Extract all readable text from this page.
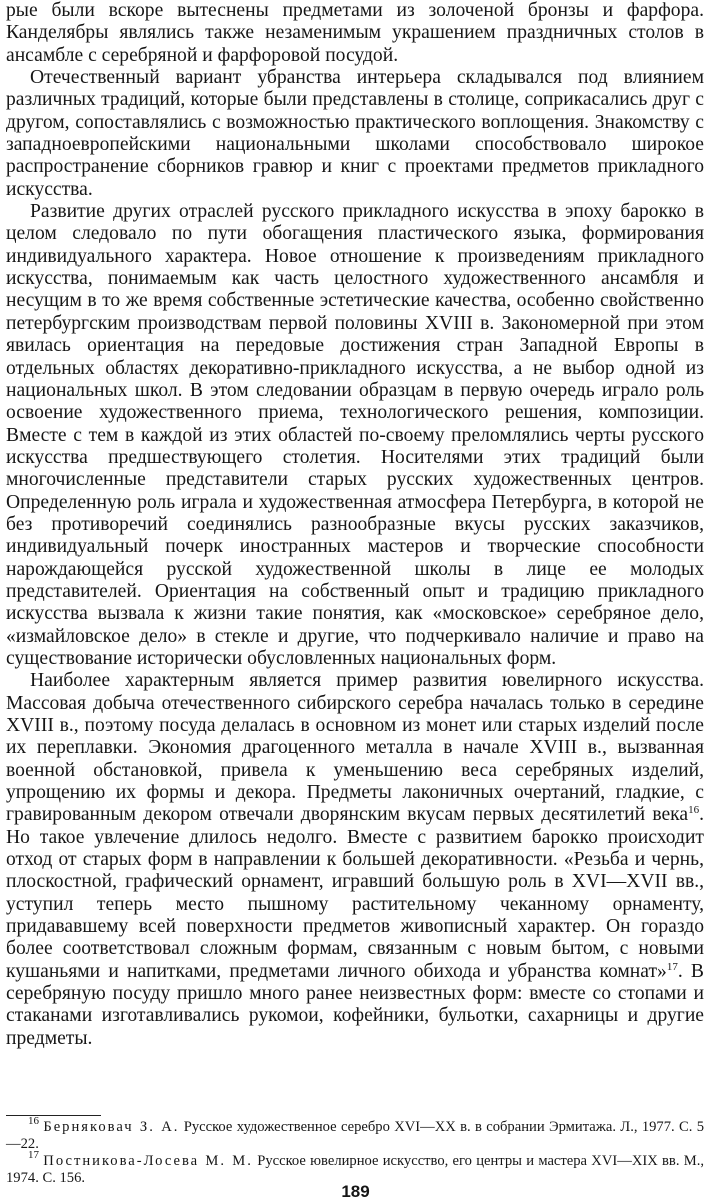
рые были вскоре вытеснены предметами из золоченой бронзы и фарфора. Канделябры являлись также незаменимым украшением праздничных столов в ансамбле с серебряной и фарфоровой посудой.

Отечественный вариант убранства интерьера складывался под влиянием различных традиций, которые были представлены в столице, соприкасались друг с другом, сопоставлялись с возможностью практического воплощения. Знакомству с западноевропейскими национальными школами способствовало широкое распространение сборников гравюр и книг с проектами предметов прикладного искусства.

Развитие других отраслей русского прикладного искусства в эпоху барокко в целом следовало по пути обогащения пластического языка, формирования индивидуального характера. Новое отношение к произведениям прикладного искусства, понимаемым как часть целостного художественного ансамбля и несущим в то же время собственные эстетические качества, особенно свойственно петербургским производствам первой половины XVIII в. Закономерной при этом явилась ориентация на передовые достижения стран Западной Европы в отдельных областях декоративно-прикладного искусства, а не выбор одной из национальных школ. В этом следовании образцам в первую очередь играло роль освоение художественного приема, технологического решения, композиции. Вместе с тем в каждой из этих областей по-своему преломлялись черты русского искусства предшествующего столетия. Носителями этих традиций были многочисленные представители старых русских художественных центров. Определенную роль играла и художественная атмосфера Петербурга, в которой не без противоречий соединялись разнообразные вкусы русских заказчиков, индивидуальный почерк иностранных мастеров и творческие способности нарождающейся русской художественной школы в лице ее молодых представителей. Ориентация на собственный опыт и традицию прикладного искусства вызвала к жизни такие понятия, как «московское» серебряное дело, «измайловское дело» в стекле и другие, что подчеркивало наличие и право на существование исторически обусловленных национальных форм.

Наиболее характерным является пример развития ювелирного искусства. Массовая добыча отечественного сибирского серебра началась только в середине XVIII в., поэтому посуда делалась в основном из монет или старых изделий после их переплавки. Экономия драгоценного металла в начале XVIII в., вызванная военной обстановкой, привела к уменьшению веса серебряных изделий, упрощению их формы и декора. Предметы лаконичных очертаний, гладкие, с гравированным декором отвечали дворянским вкусам первых десятилетий века$^{16}$. Но такое увлечение длилось недолго. Вместе с развитием барокко происходит отход от старых форм в направлении к большей декоративности. «Резьба и чернь, плоскостной, графический орнамент, игравший большую роль в XVI—XVII вв., уступил теперь место пышному растительному чеканному орнаменту, придававшему всей поверхности предметов живописный характер. Он гораздо более соответствовал сложным формам, связанным с новым бытом, с новыми кушаньями и напитками, предметами личного обихода и убранства комнат»$^{17}$. В серебряную посуду пришло много ранее неизвестных форм: вместе со стопами и стаканами изготавливались рукомои, кофейники, бульотки, сахарницы и другие предметы.

$^{16}$ Берняковач З. А. Русское художественное серебро XVI—XX в. в собрании Эрмитажа. Л., 1977. С. 5—22.

$^{17}$ Постникова-Лосева М. М. Русское ювелирное искусство, его центры и мастера XVI—XIX вв. М., 1974. С. 156.

189
